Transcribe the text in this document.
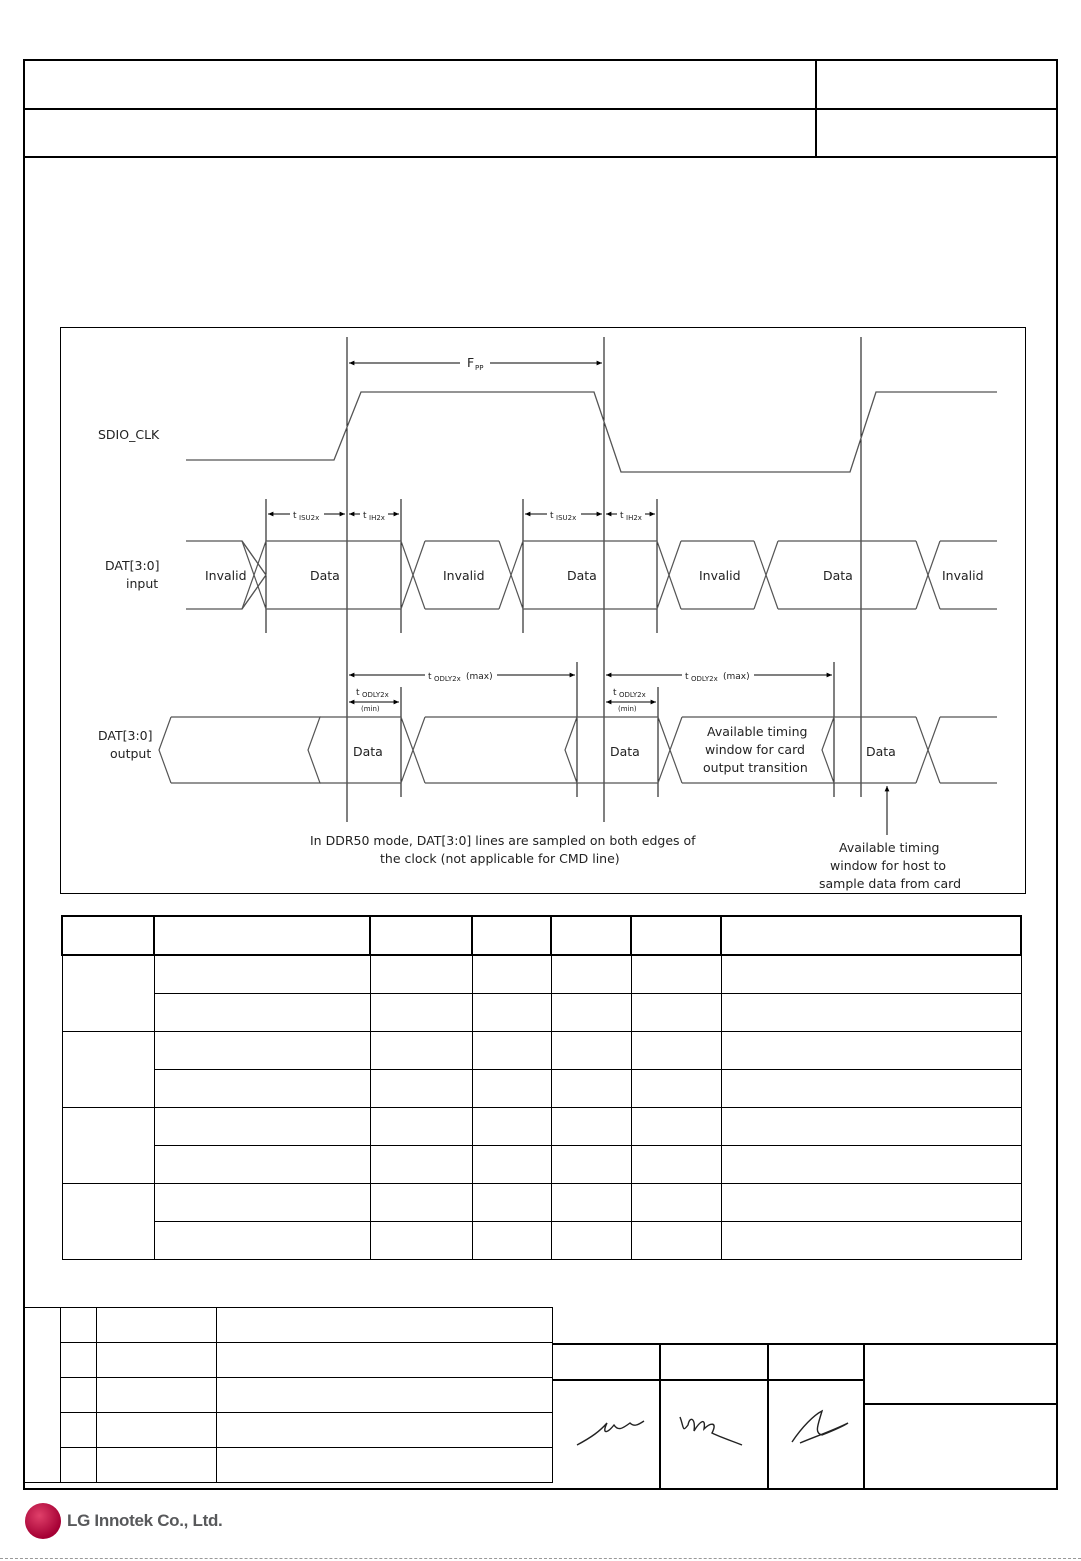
F PP
SDIO_CLK
DAT[3:0]
input
t ISU2x	t IH2x	t ISU2x	t IH2x
Invalid	Data	Invalid	Data	Invalid	Data	Invalid
t ODLY2x (max)	t ODLY2x (max)
t ODLY2x
(min)
t ODLY2x
(min)
DAT[3:0]
output	Data	Data	Data
Available timing
window for card
output transition
In DDR50 mode, DAT[3:0] lines are sampled on both edges of
the clock (not applicable for CMD line)
Available timing
window for host to
sample data from card

LG Innotek Co., Ltd.
